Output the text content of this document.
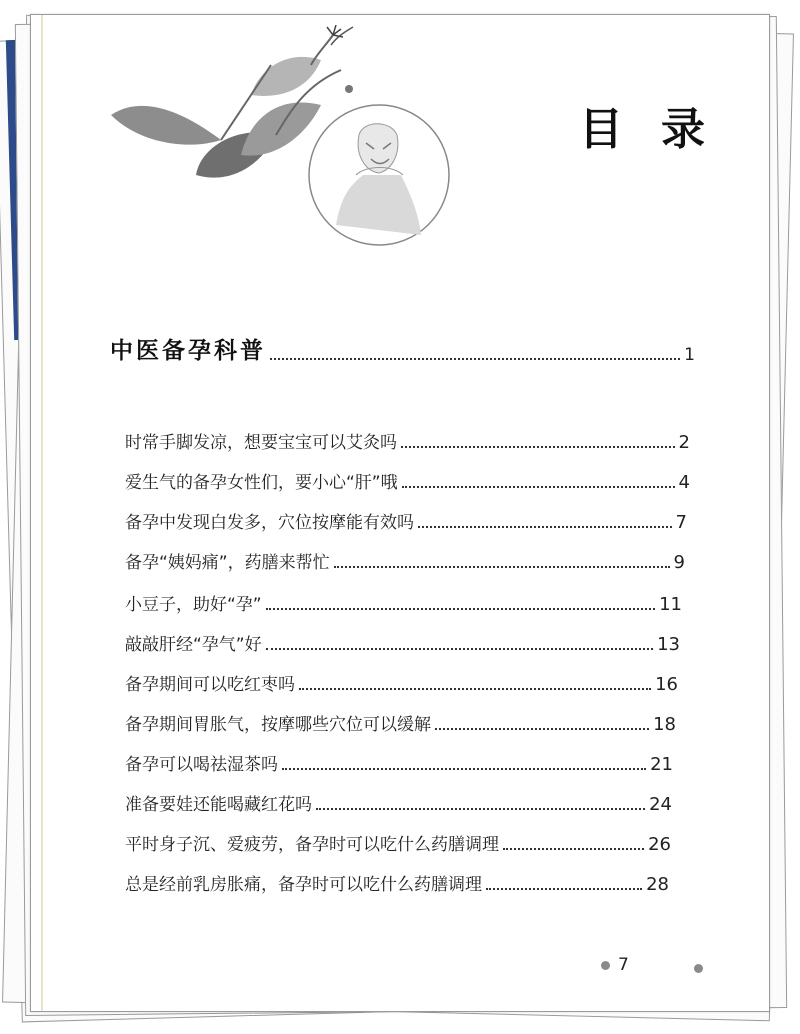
目录
中医备孕科普	1
时常手脚发凉，想要宝宝可以艾灸吗	2
爱生气的备孕女性们，要小心“肝”哦	4
备孕中发现白发多，穴位按摩能有效吗	7
备孕“姨妈痛”，药膳来帮忙	9
小豆子，助好“孕”	11
敲敲肝经“孕气”好	13
备孕期间可以吃红枣吗	16
备孕期间胃胀气，按摩哪些穴位可以缓解	18
备孕可以喝祛湿茶吗	21
准备要娃还能喝藏红花吗	24
平时身子沉、爱疲劳，备孕时可以吃什么药膳调理	26
总是经前乳房胀痛，备孕时可以吃什么药膳调理	28
7
